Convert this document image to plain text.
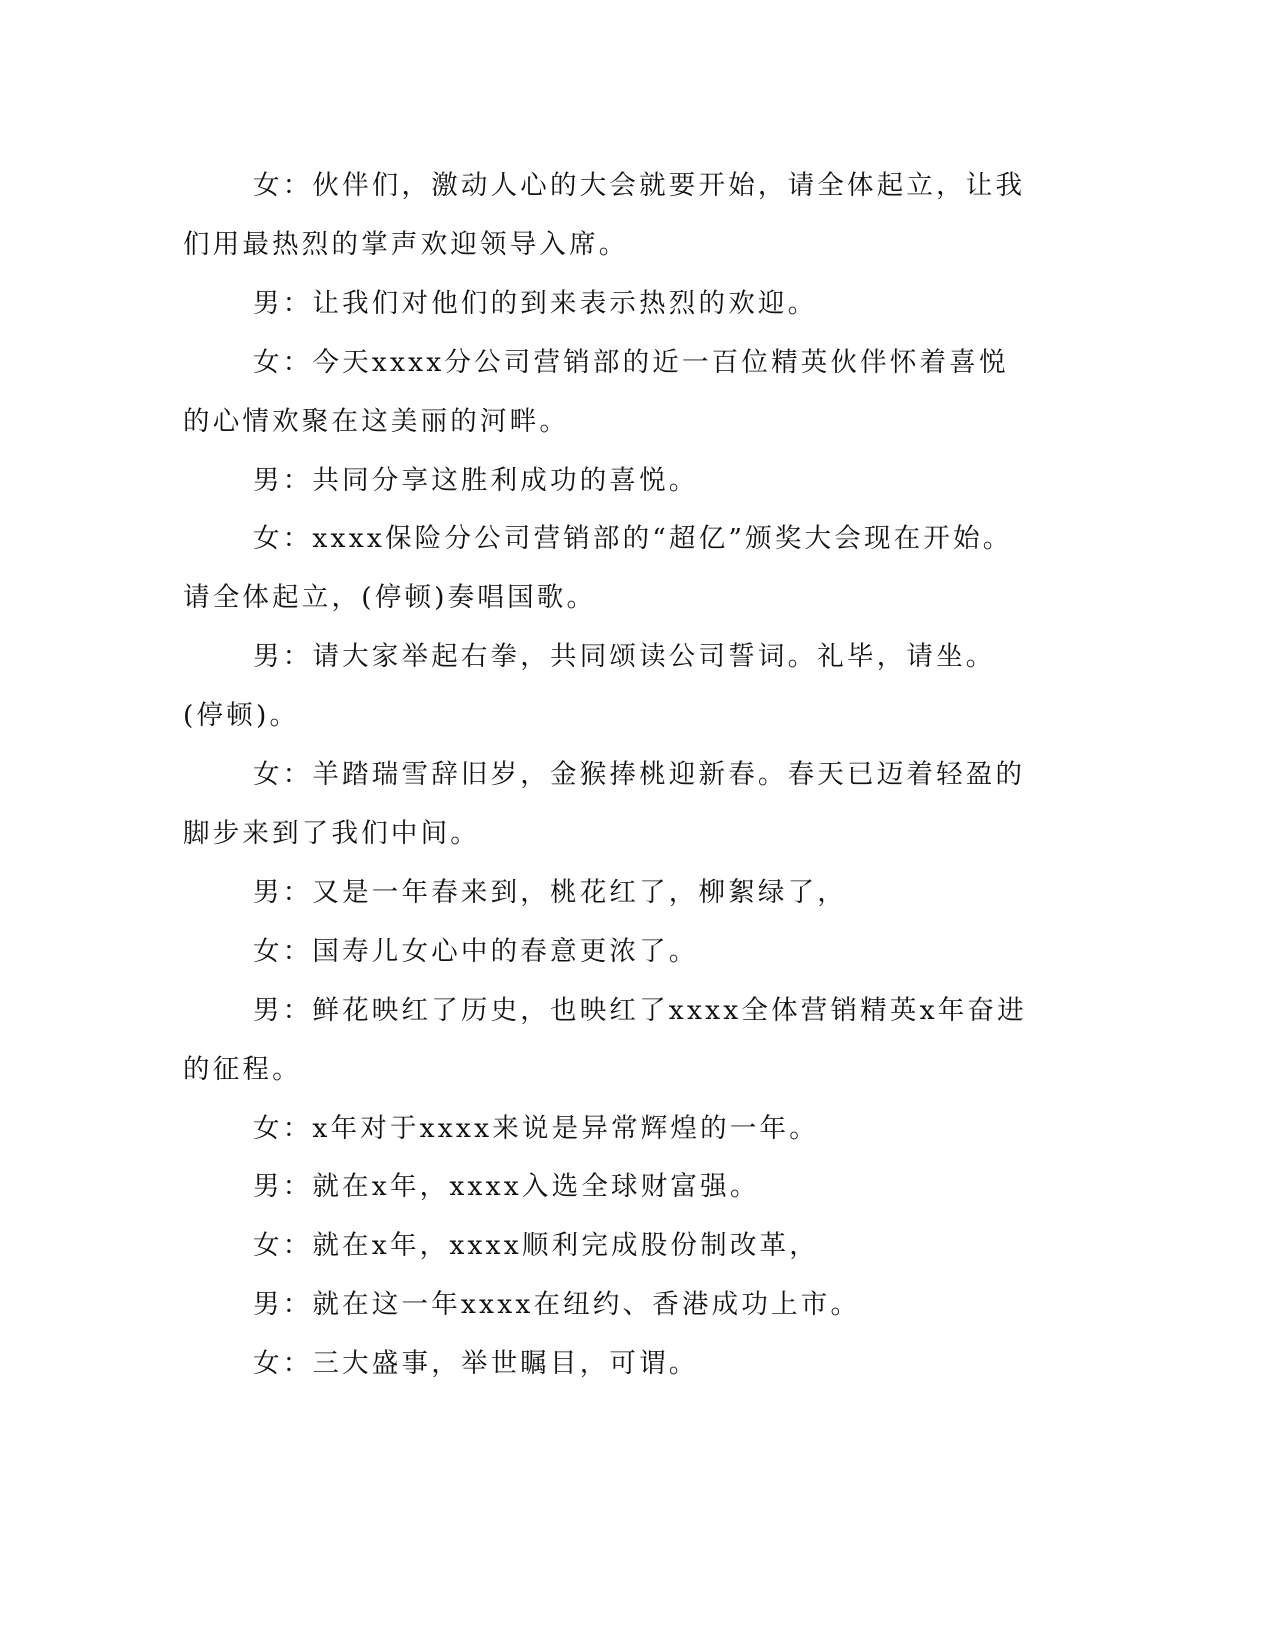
女：伙伴们，激动人心的大会就要开始，请全体起立，让我们用最热烈的掌声欢迎领导入席。

男：让我们对他们的到来表示热烈的欢迎。

女：今天xxxx分公司营销部的近一百位精英伙伴怀着喜悦的心情欢聚在这美丽的河畔。

男：共同分享这胜利成功的喜悦。

女：xxxx保险分公司营销部的“超亿”颁奖大会现在开始。请全体起立，(停顿)奏唱国歌。

男：请大家举起右拳，共同颂读公司誓词。礼毕，请坐。(停顿)。

女：羊踏瑞雪辞旧岁，金猴捧桃迎新春。春天已迈着轻盈的脚步来到了我们中间。

男：又是一年春来到，桃花红了，柳絮绿了，

女：国寿儿女心中的春意更浓了。

男：鲜花映红了历史，也映红了xxxx全体营销精英x年奋进的征程。

女：x年对于xxxx来说是异常辉煌的一年。

男：就在x年，xxxx入选全球财富强。

女：就在x年，xxxx顺利完成股份制改革，

男：就在这一年xxxx在纽约、香港成功上市。

女：三大盛事，举世瞩目，可谓。
